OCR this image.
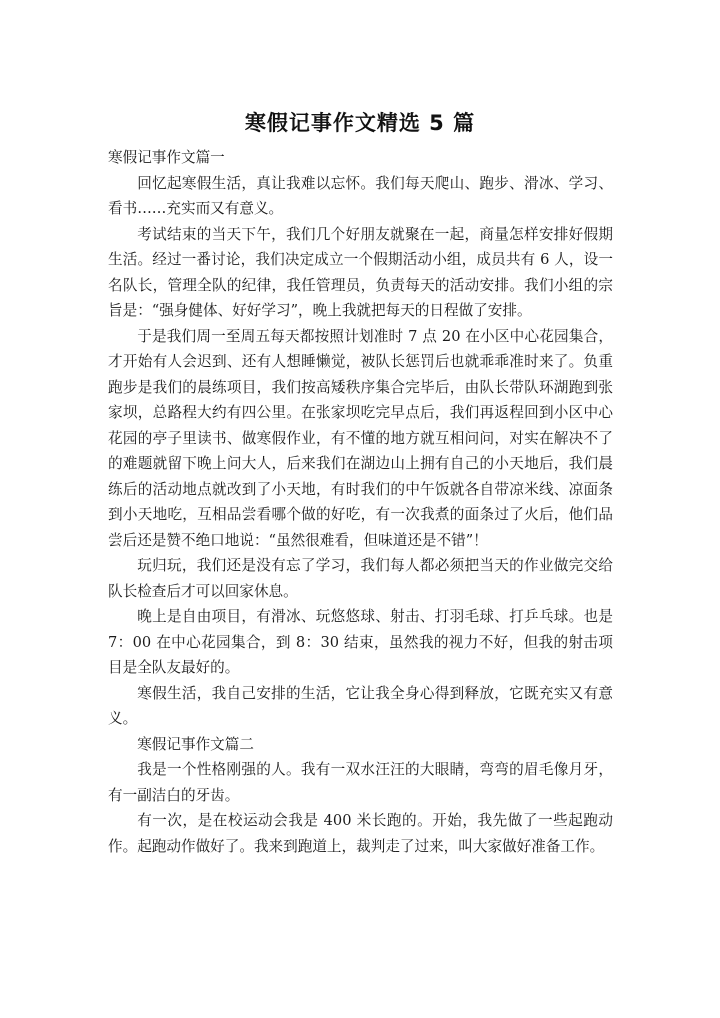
寒假记事作文精选 5 篇

寒假记事作文篇一

回忆起寒假生活，真让我难以忘怀。我们每天爬山、跑步、滑冰、学习、看书……充实而又有意义。

考试结束的当天下午，我们几个好朋友就聚在一起，商量怎样安排好假期生活。经过一番讨论，我们决定成立一个假期活动小组，成员共有 6 人，设一名队长，管理全队的纪律，我任管理员，负责每天的活动安排。我们小组的宗旨是：“强身健体、好好学习”，晚上我就把每天的日程做了安排。

于是我们周一至周五每天都按照计划准时 7 点 20 在小区中心花园集合，才开始有人会迟到、还有人想睡懒觉，被队长惩罚后也就乖乖准时来了。负重跑步是我们的晨练项目，我们按高矮秩序集合完毕后，由队长带队环湖跑到张家坝，总路程大约有四公里。在张家坝吃完早点后，我们再返程回到小区中心花园的亭子里读书、做寒假作业，有不懂的地方就互相问问，对实在解决不了的难题就留下晚上问大人，后来我们在湖边山上拥有自己的小天地后，我们晨练后的活动地点就改到了小天地，有时我们的中午饭就各自带凉米线、凉面条到小天地吃，互相品尝看哪个做的好吃，有一次我煮的面条过了火后，他们品尝后还是赞不绝口地说：“虽然很难看，但味道还是不错”！

玩归玩，我们还是没有忘了学习，我们每人都必须把当天的作业做完交给队长检查后才可以回家休息。

晚上是自由项目，有滑冰、玩悠悠球、射击、打羽毛球、打乒乓球。也是 7：00 在中心花园集合，到 8：30 结束，虽然我的视力不好，但我的射击项目是全队友最好的。

寒假生活，我自己安排的生活，它让我全身心得到释放，它既充实又有意义。

寒假记事作文篇二

我是一个性格刚强的人。我有一双水汪汪的大眼睛，弯弯的眉毛像月牙，有一副洁白的牙齿。

有一次，是在校运动会我是 400 米长跑的。开始，我先做了一些起跑动作。起跑动作做好了。我来到跑道上，裁判走了过来，叫大家做好准备工作。
